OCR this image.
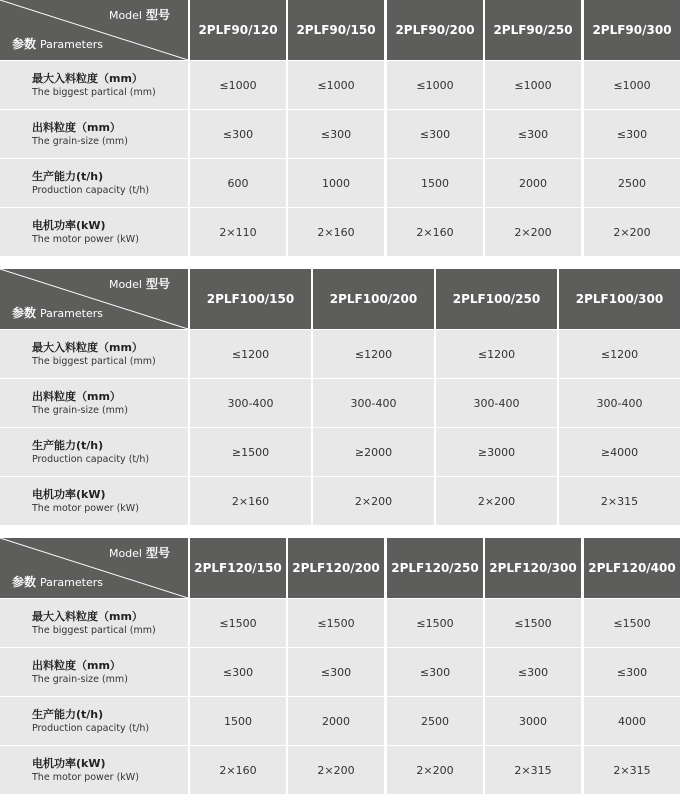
Model 型号
参数 Parameters
2PLF90/120	2PLF90/150	2PLF90/200	2PLF90/250	2PLF90/300
最大入料粒度（mm）
The biggest partical (mm)
≤1000	≤1000	≤1000	≤1000	≤1000
出料粒度（mm）
The grain-size (mm)
≤300	≤300	≤300	≤300	≤300
生产能力(t/h)
Production capacity (t/h)
600	1000	1500	2000	2500
电机功率(kW)
The motor power (kW)
2×110	2×160	2×160	2×200	2×200
Model 型号
参数 Parameters
2PLF100/150	2PLF100/200	2PLF100/250	2PLF100/300
最大入料粒度（mm）
The biggest partical (mm)
≤1200	≤1200	≤1200	≤1200
出料粒度（mm）
The grain-size (mm)
300-400	300-400	300-400	300-400
生产能力(t/h)
Production capacity (t/h)
≥1500	≥2000	≥3000	≥4000
电机功率(kW)
The motor power (kW)
2×160	2×200	2×200	2×315
Model 型号
参数 Parameters
2PLF120/150 2PLF120/200 2PLF120/250 2PLF120/300 2PLF120/400
最大入料粒度（mm）
The biggest partical (mm)
≤1500	≤1500	≤1500	≤1500	≤1500
出料粒度（mm）
The grain-size (mm)
≤300	≤300	≤300	≤300	≤300
生产能力(t/h)
Production capacity (t/h)
1500	2000	2500	3000	4000
电机功率(kW)
The motor power (kW)
2×160	2×200	2×200	2×315	2×315
